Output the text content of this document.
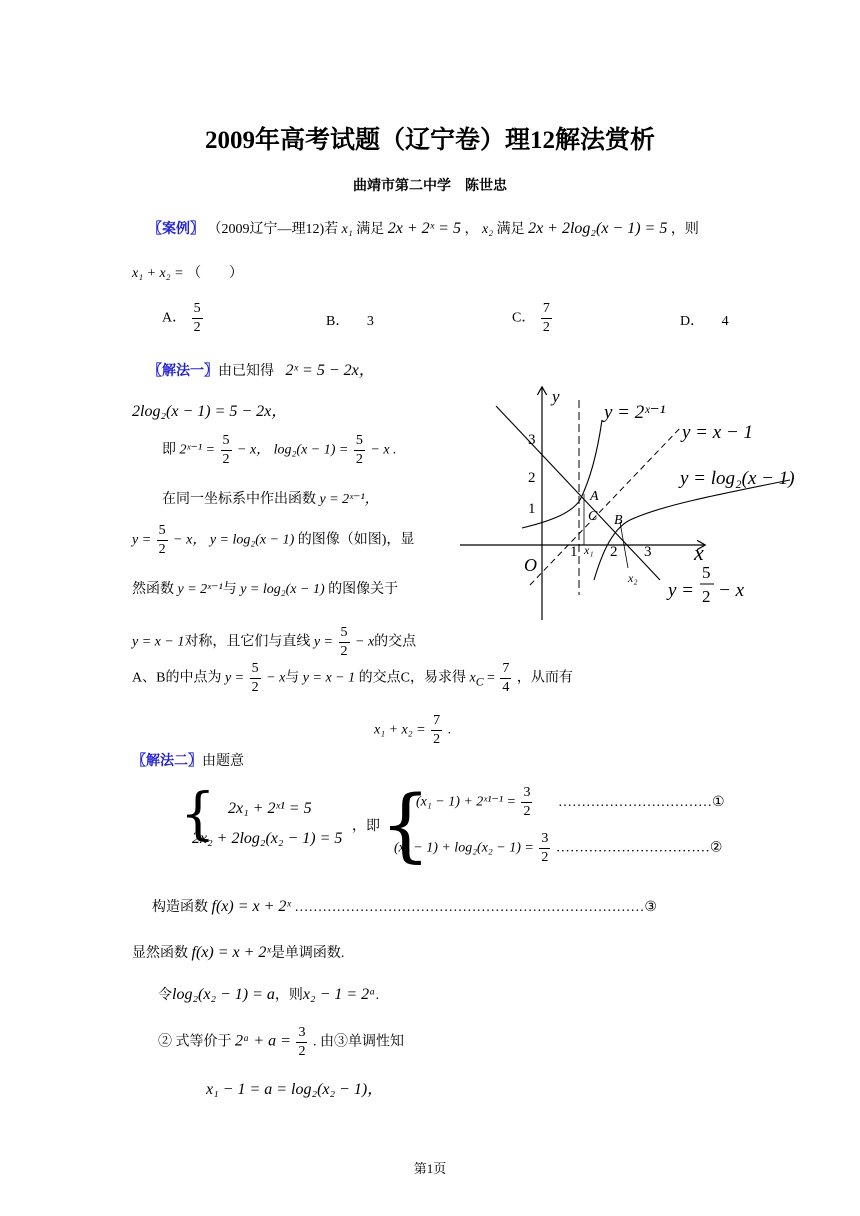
2009年高考试题（辽宁卷）理12解法赏析
曲靖市第二中学　陈世忠
〖案例〗 （2009辽宁—理12)若 x₁ 满足 2x + 2ˣ = 5 ， x₂ 满足 2x + 2log₂(x − 1) = 5 ，则
x₁ + x₂ = （　　）
A． $\frac{5}{2}$	B． 3	C． $\frac{7}{2}$	D． 4
〖解法一〗由已知得 2ˣ = 5 − 2x，
2log₂(x − 1) = 5 − 2x，
即 2ˣ⁻¹ = $\frac{5}{2} - x$， $\log_2(x - 1) = \frac{5}{2} - x$ .
在同一坐标系中作出函数 y = 2ˣ⁻¹，
$y = \frac{5}{2} - x$， y = log₂(x − 1) 的图像（如图)，显
然函数 y = 2ˣ⁻¹与 y = log₂(x − 1) 的图像关于
y = x − 1对称，且它们与直线 $y = \frac{5}{2} - x$的交点
A、B的中点为 $y = \frac{5}{2} - x$与 y = x − 1 的交点C，易求得 $x_C = \frac{7}{4}$ ，从而有
$x_1 + x_2 = \frac{7}{2}$ .
y
x
O
3
2
1
1 2 3
A
B
C
x₁
x₂
y = 2ˣ⁻¹
y = x − 1
y = log₂(x − 1)
y =
5
2 − x
〖解法二〗由题意
{ 2x₁ + 2ˣ¹ = 5
2x₂ + 2log₂(x₂ − 1) = 5
，即 {
(x₁ − 1) + 2ˣ¹⁻¹ = $\frac{3}{2}$ ……………………………①
$(x_2 - 1) + \log_2(x_2 - 1) = \frac{3}{2}$ ……………………………②
构造函数 f(x) = x + 2ˣ …………………………………………………………………③
显然函数 f(x) = x + 2ˣ是单调函数.
令log₂(x₂ − 1) = a，则x₂ − 1 = 2ᵃ.
② 式等价于 2ᵃ + $a = \frac{3}{2}$ . 由③单调性知
x₁ − 1 = a = log₂(x₂ − 1)，
第1页
